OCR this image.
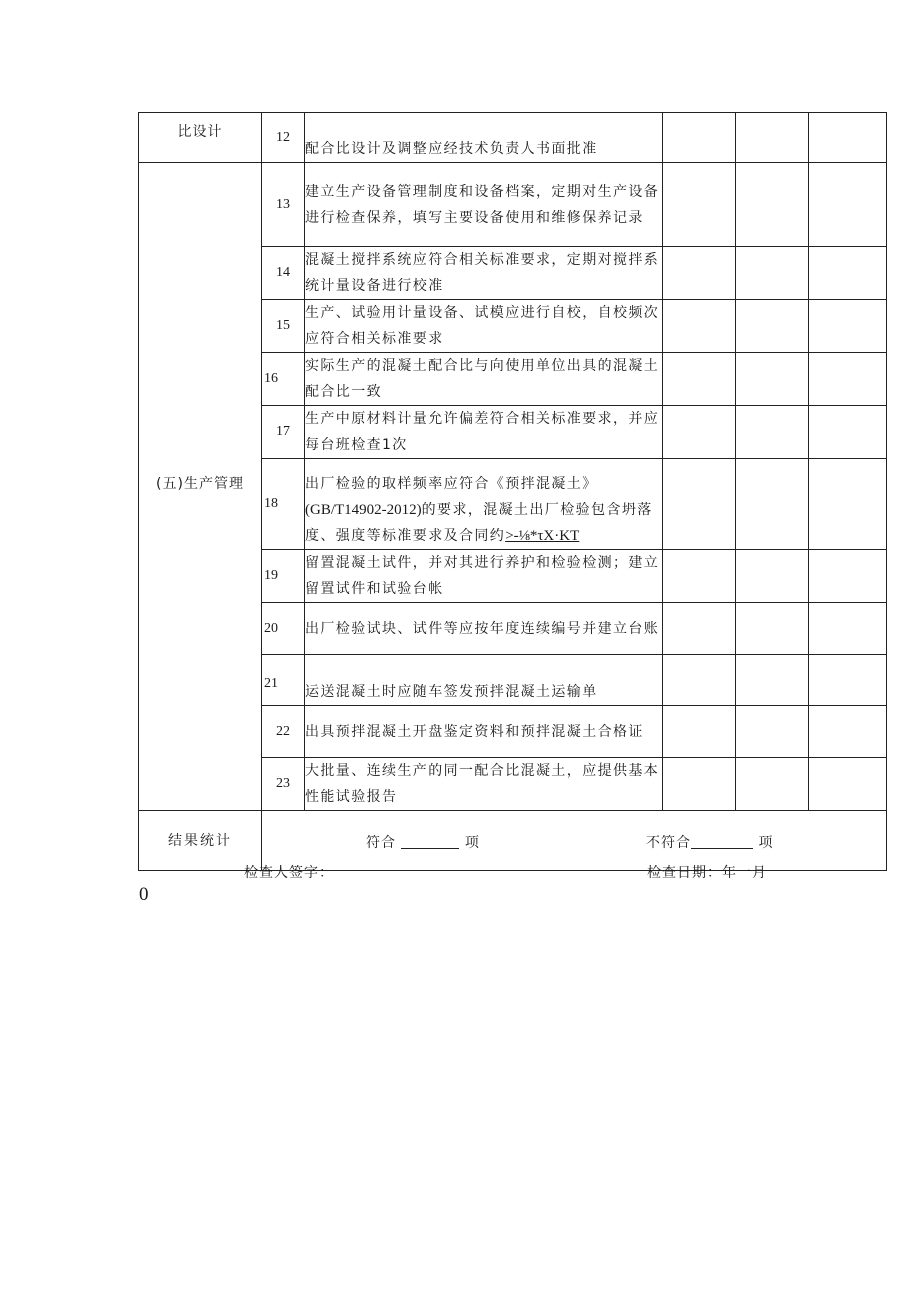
比设计	12	配合比设计及调整应经技术负责人书面批准			
(五)生产管理	13	建立生产设备管理制度和设备档案，定期对生产设备进行检查保养，填写主要设备使用和维修保养记录			
	14	混凝土搅拌系统应符合相关标准要求，定期对搅拌系统计量设备进行校准			
	15	生产、试验用计量设备、试模应进行自校，自校频次应符合相关标准要求			
	16	实际生产的混凝土配合比与向使用单位出具的混凝土配合比一致			
	17	生产中原材料计量允许偏差符合相关标准要求，并应每台班检查1次			
	18	出厂检验的取样频率应符合《预拌混凝土》
(GB/T14902-2012)的要求，混凝土出厂检验包含坍落度、强度等标准要求及合同约>-⅛*τX·KT			
	19	留置混凝土试件，并对其进行养护和检验检测；建立留置试件和试验台帐			
	20	出厂检验试块、试件等应按年度连续编号并建立台账			
	21	运送混凝土时应随车签发预拌混凝土运输单			
	22	出具预拌混凝土开盘鉴定资料和预拌混凝土合格证			
	23	大批量、连续生产的同一配合比混凝土，应提供基本性能试验报告			
结果统计	符合 项 不符合 项				
检查人签字：	检查日期：年一月
0
